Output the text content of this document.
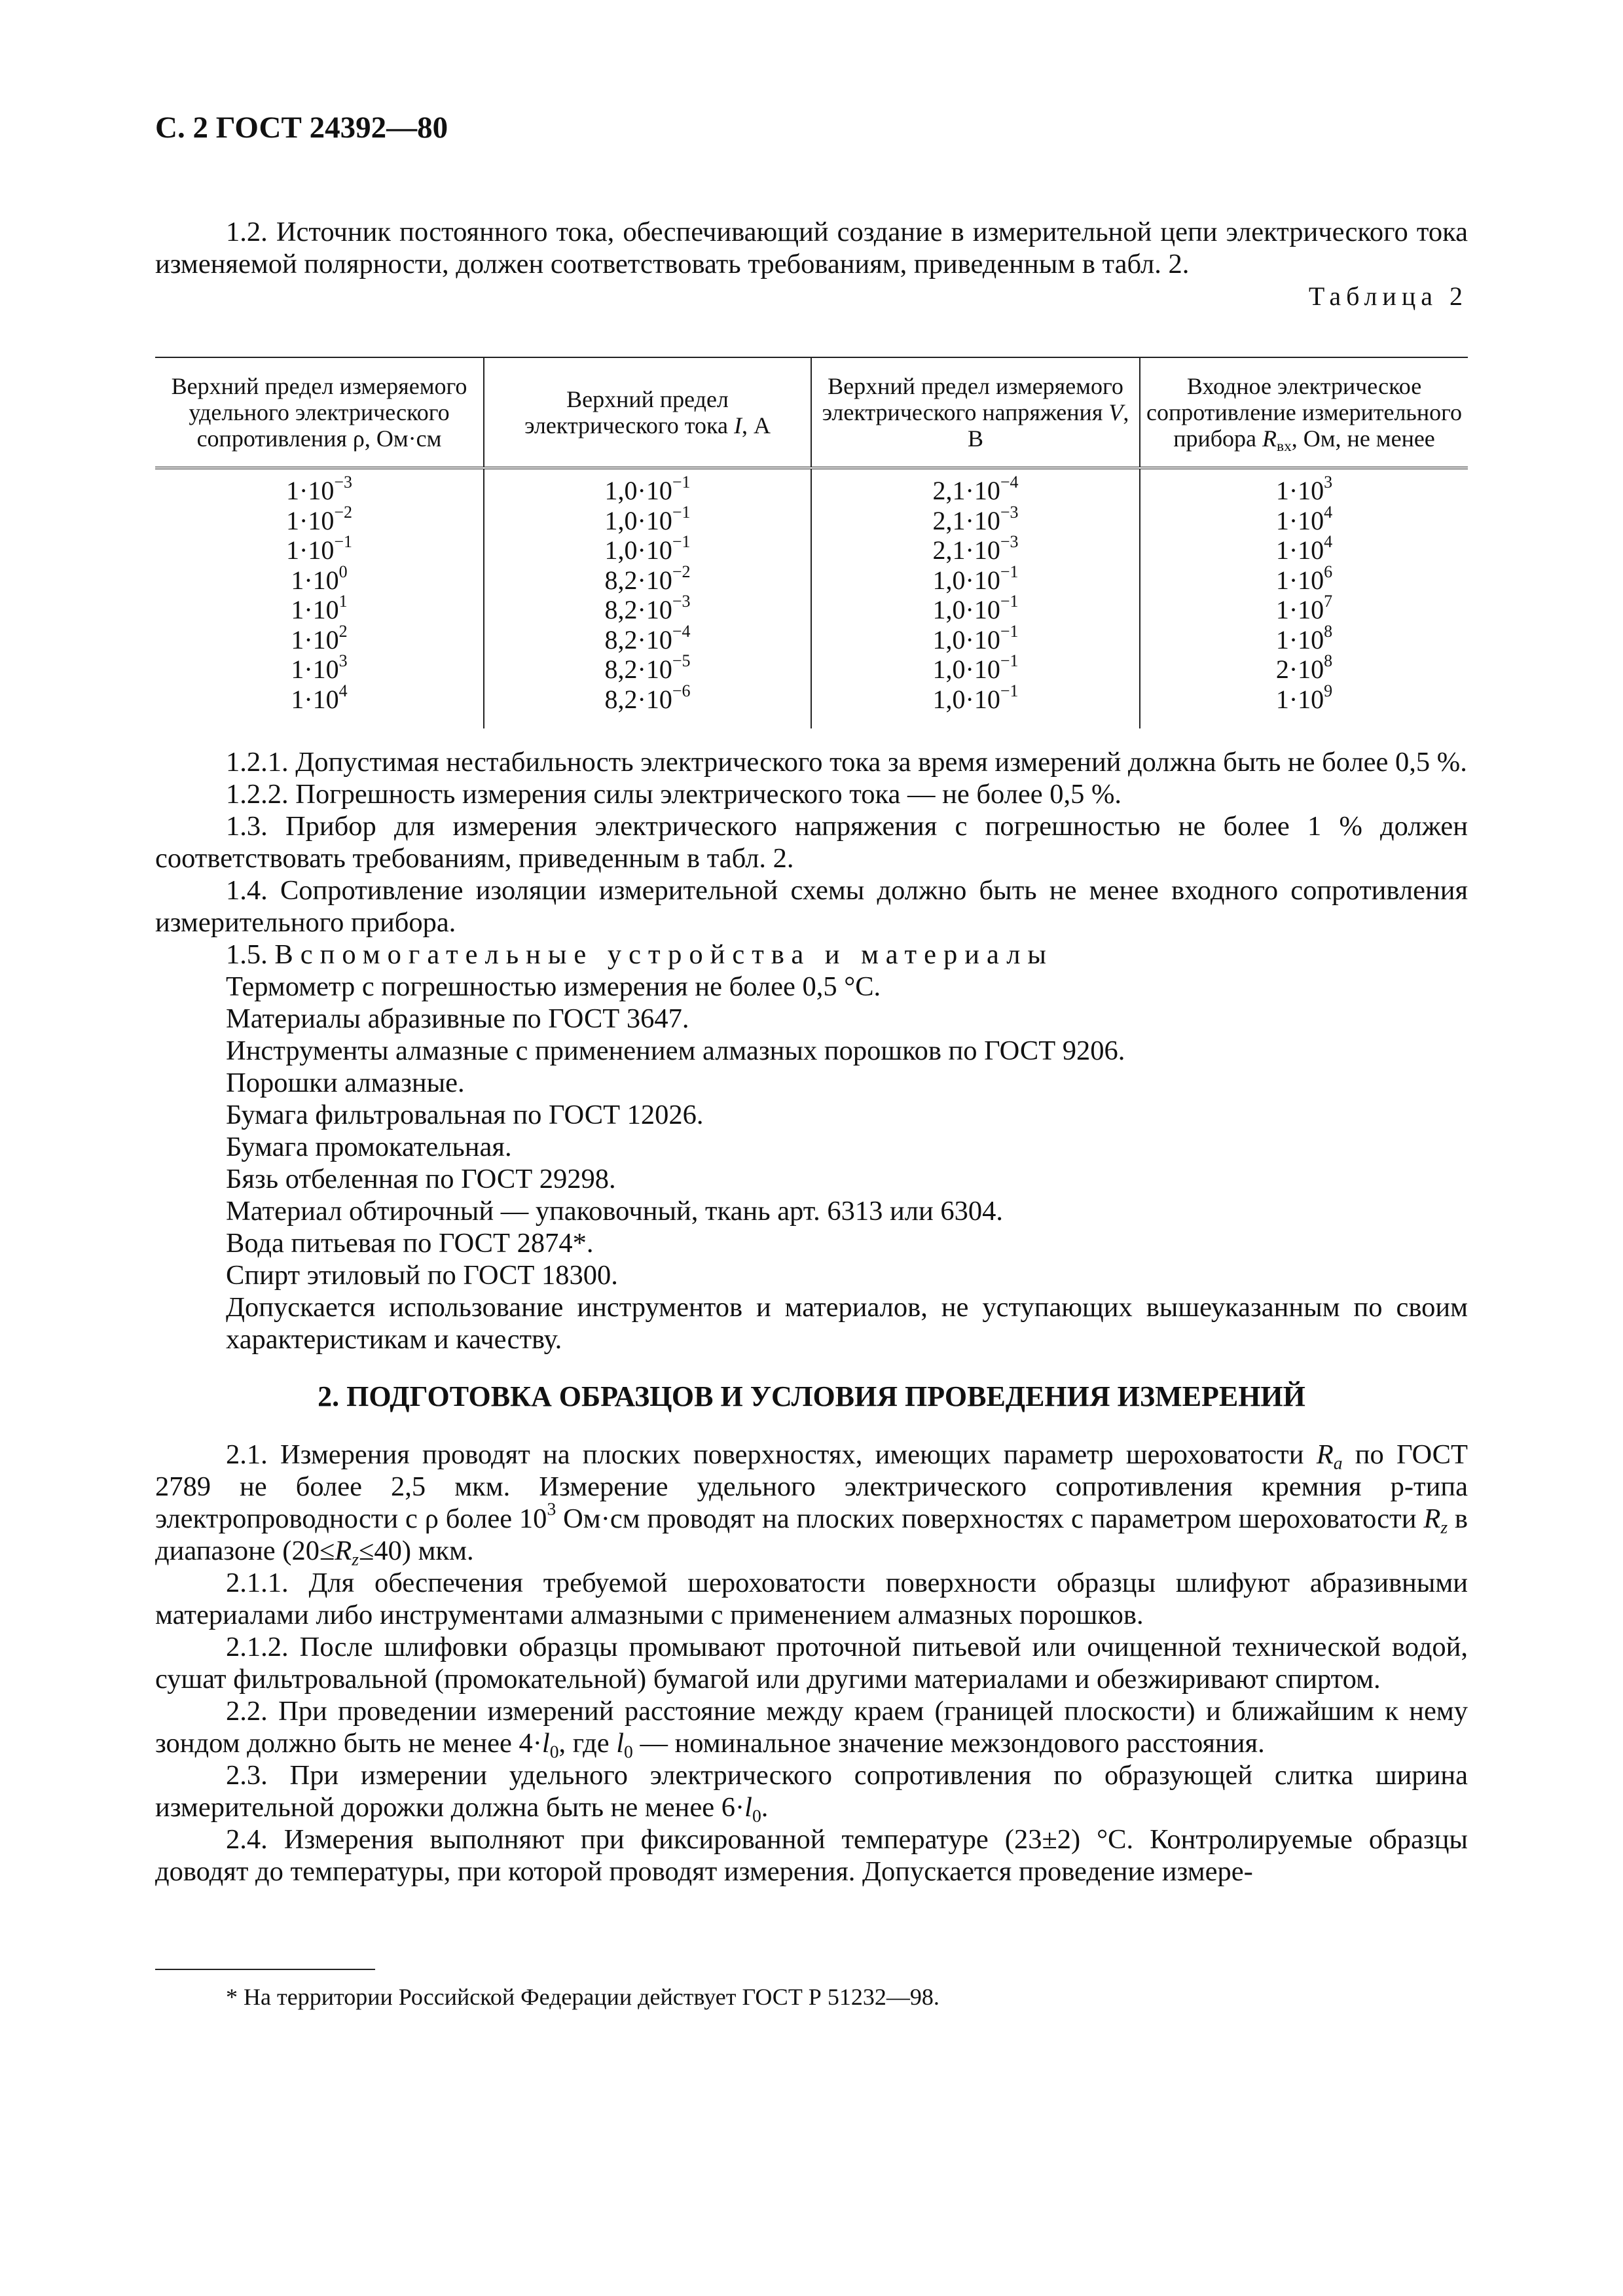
С. 2 ГОСТ 24392—80

1.2. Источник постоянного тока, обеспечивающий создание в измерительной цепи электрического тока изменяемой полярности, должен соответствовать требованиям, приведенным в табл. 2.

Таблица 2

Верхний предел измеряемого удельного электрического сопротивления ρ, Ом·см	Верхний предел электрического тока I, А	Верхний предел измеряемого электрического напряжения V, В	Входное электрическое сопротивление измерительного прибора $R_{вх}$, Ом, не менее
$1\cdot 10^{-3}$	$1,0\cdot 10^{-1}$	$2,1\cdot 10^{-4}$	$1\cdot 10^3$
$1\cdot 10^{-2}$	$1,0\cdot 10^{-1}$	$2,1\cdot 10^{-3}$	$1\cdot 10^4$
$1\cdot 10^{-1}$	$1,0\cdot 10^{-1}$	$2,1\cdot 10^{-3}$	$1\cdot 10^4$
$1\cdot 10^0$	$8,2\cdot 10^{-2}$	$1,0\cdot 10^{-1}$	$1\cdot 10^6$
$1\cdot 10^1$	$8,2\cdot 10^{-3}$	$1,0\cdot 10^{-1}$	$1\cdot 10^7$
$1\cdot 10^2$	$8,2\cdot 10^{-4}$	$1,0\cdot 10^{-1}$	$1\cdot 10^8$
$1\cdot 10^3$	$8,2\cdot 10^{-5}$	$1,0\cdot 10^{-1}$	$2\cdot 10^8$
$1\cdot 10^4$	$8,2\cdot 10^{-6}$	$1,0\cdot 10^{-1}$	$1\cdot 10^9$

1.2.1. Допустимая нестабильность электрического тока за время измерений должна быть не более 0,5 %.

1.2.2. Погрешность измерения силы электрического тока — не более 0,5 %.

1.3. Прибор для измерения электрического напряжения с погрешностью не более 1 % должен соответствовать требованиям, приведенным в табл. 2.

1.4. Сопротивление изоляции измерительной схемы должно быть не менее входного сопротивления измерительного прибора.

1.5. Вспомогательные устройства и материалы

Термометр с погрешностью измерения не более 0,5 °С.

Материалы абразивные по ГОСТ 3647.

Инструменты алмазные с применением алмазных порошков по ГОСТ 9206.

Порошки алмазные.

Бумага фильтровальная по ГОСТ 12026.

Бумага промокательная.

Бязь отбеленная по ГОСТ 29298.

Материал обтирочный — упаковочный, ткань арт. 6313 или 6304.

Вода питьевая по ГОСТ 2874*.

Спирт этиловый по ГОСТ 18300.

Допускается использование инструментов и материалов, не уступающих вышеуказанным по своим характеристикам и качеству.

2. ПОДГОТОВКА ОБРАЗЦОВ И УСЛОВИЯ ПРОВЕДЕНИЯ ИЗМЕРЕНИЙ

2.1. Измерения проводят на плоских поверхностях, имеющих параметр шероховатости $R_a$ по ГОСТ 2789 не более 2,5 мкм. Измерение удельного электрического сопротивления кремния р-типа электропроводности с ρ более $10^3$ Ом·см проводят на плоских поверхностях с параметром шероховатости $R_z$ в диапазоне $(20\le R_z\le 40)$ мкм.

2.1.1. Для обеспечения требуемой шероховатости поверхности образцы шлифуют абразивными материалами либо инструментами алмазными с применением алмазных порошков.

2.1.2. После шлифовки образцы промывают проточной питьевой или очищенной технической водой, сушат фильтровальной (промокательной) бумагой или другими материалами и обезжиривают спиртом.

2.2. При проведении измерений расстояние между краем (границей плоскости) и ближайшим к нему зондом должно быть не менее $4\cdot l_0$, где $l_0$ — номинальное значение межзондового расстояния.

2.3. При измерении удельного электрического сопротивления по образующей слитка ширина измерительной дорожки должна быть не менее $6\cdot l_0$.

2.4. Измерения выполняют при фиксированной температуре (23±2) °С. Контролируемые образцы доводят до температуры, при которой проводят измерения. Допускается проведение измере-

* На территории Российской Федерации действует ГОСТ Р 51232—98.
